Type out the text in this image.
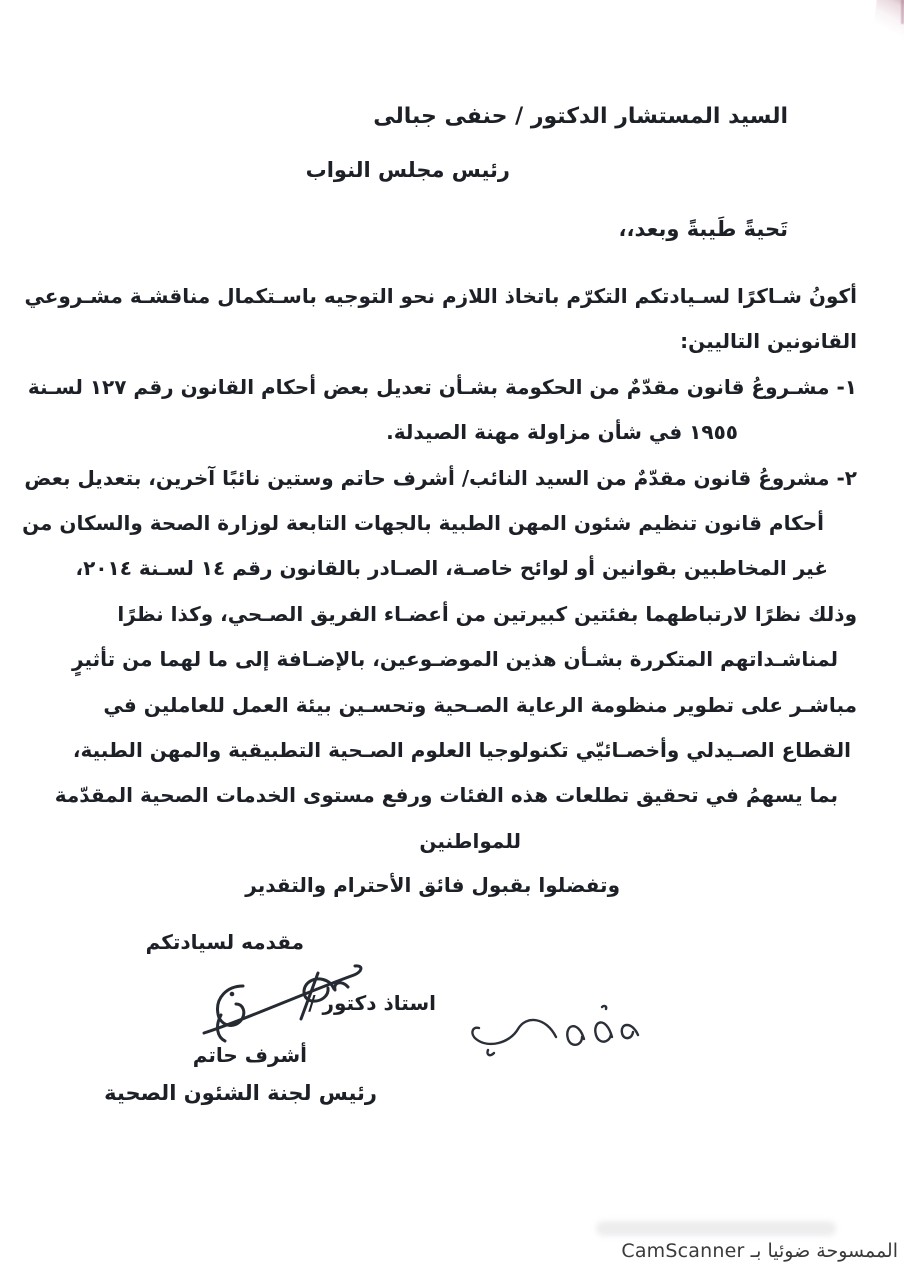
السيد المستشار الدكتور / حنفى جبالى
رئيس مجلس النواب
تَحيةً طَيبةً وبعد،،
أكونُ شـاكرًا لسـيادتكم التكرّم باتخاذ اللازم نحو التوجيه باسـتكمال مناقشـة مشـروعي
القانونين التاليين:
١- مشـروعُ قانون مقدّمٌ من الحكومة بشـأن تعديل بعض أحكام القانون رقم ١٢٧ لسـنة
١٩٥٥ في شأن مزاولة مهنة الصيدلة.
٢- مشروعُ قانون مقدّمٌ من السيد النائب/ أشرف حاتم وستين نائبًا آخرين، بتعديل بعض
أحكام قانون تنظيم شئون المهن الطبية بالجهات التابعة لوزارة الصحة والسكان من
غير المخاطبين بقوانين أو لوائح خاصـة، الصـادر بالقانون رقم ١٤ لسـنة ٢٠١٤،
وذلك نظرًا لارتباطهما بفئتين كبيرتين من أعضـاء الفريق الصـحي، وكذا نظرًا
لمناشـداتهم المتكررة بشـأن هذين الموضـوعين، بالإضـافة إلى ما لهما من تأثيرٍ
مباشـر على تطوير منظومة الرعاية الصـحية وتحسـين بيئة العمل للعاملين في
القطاع الصـيدلي وأخصـائيّي تكنولوجيا العلوم الصـحية التطبيقية والمهن الطبية،
بما يسهمُ في تحقيق تطلعات هذه الفئات ورفع مستوى الخدمات الصحية المقدّمة
للمواطنين
وتفضلوا بقبول فائق الأحترام والتقدير
مقدمه لسيادتكم
استاذ دكتور /
أشرف حاتم
رئيس لجنة الشئون الصحية
الممسوحة ضوئيا بـ CamScanner
